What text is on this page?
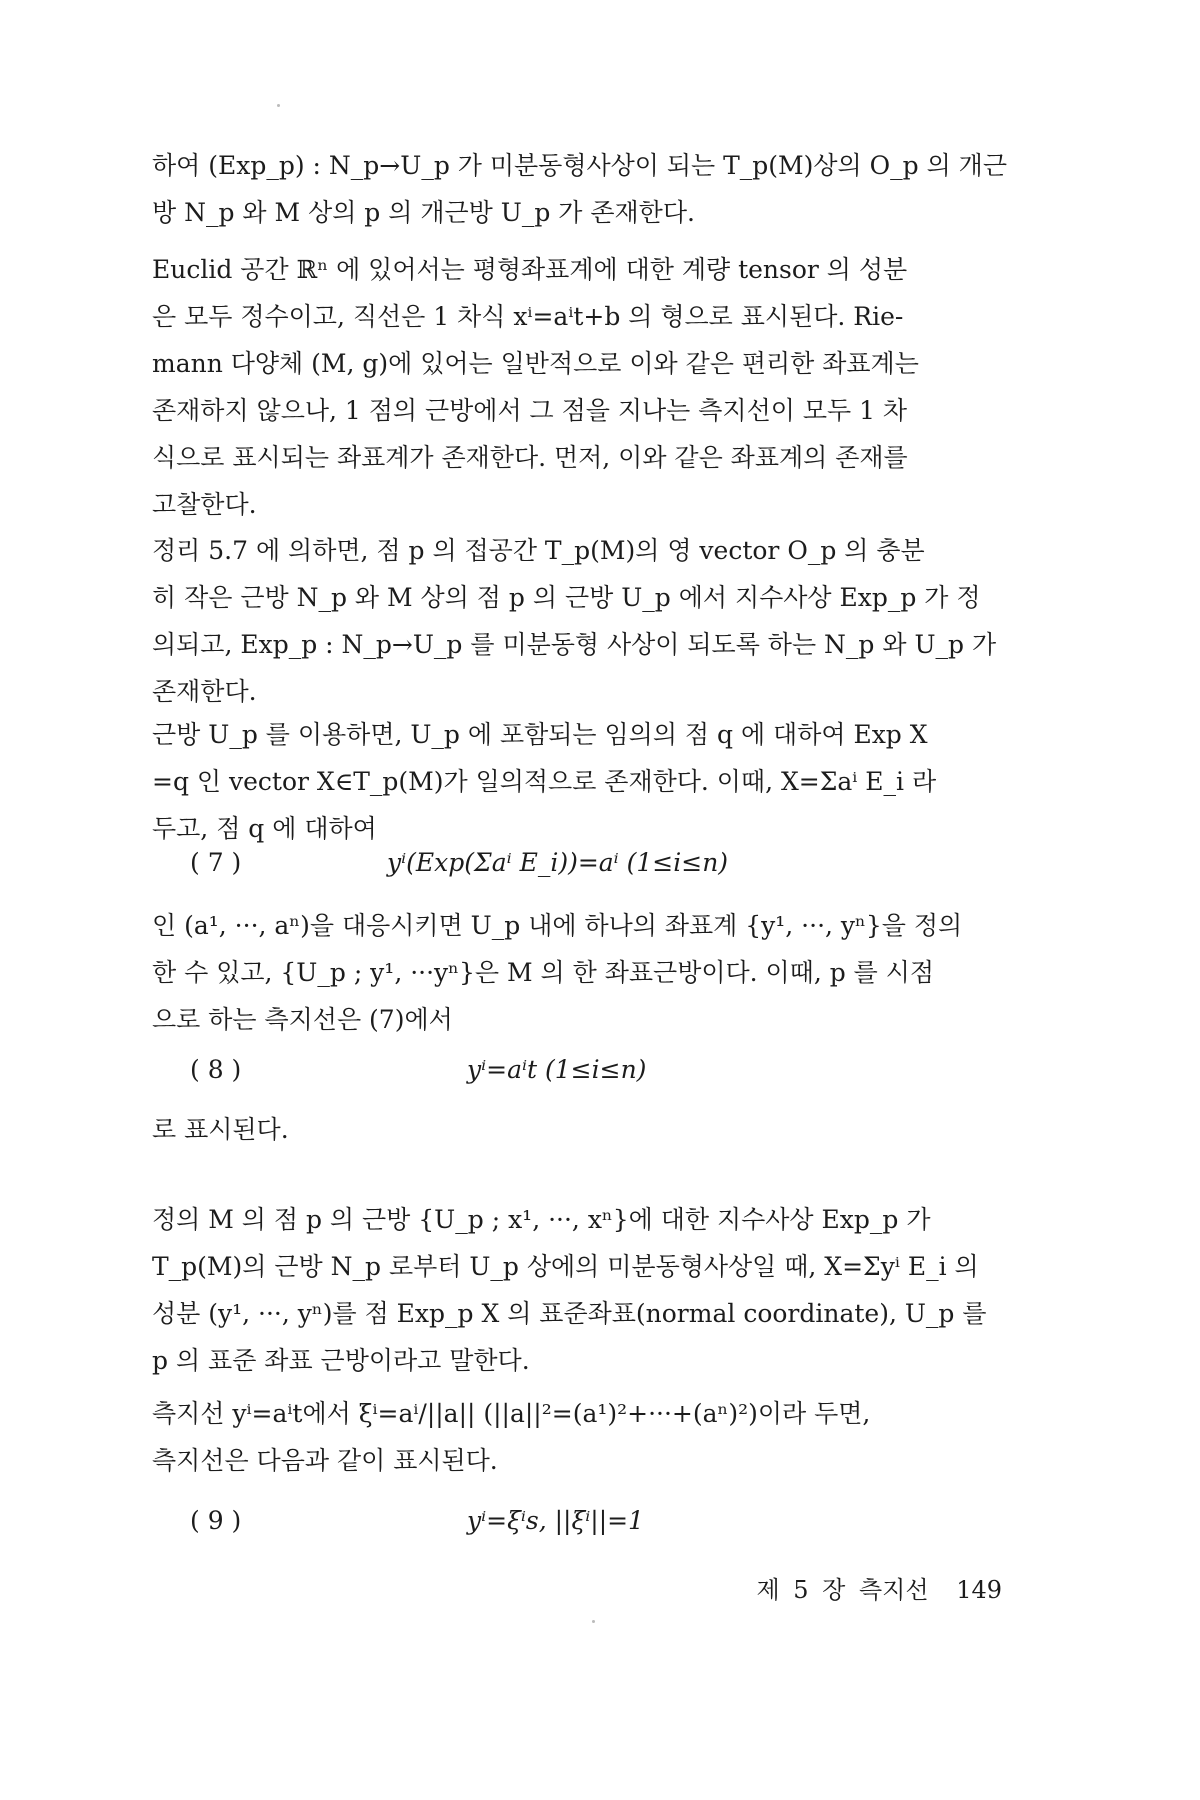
하여 (Exp_p) : N_p→U_p 가 미분동형사상이 되는 T_p(M)상의 O_p 의 개근
방 N_p 와 M 상의 p 의 개근방 U_p 가 존재한다.
Euclid 공간 ℝⁿ 에 있어서는 평형좌표계에 대한 계량 tensor 의 성분
은 모두 정수이고, 직선은 1 차식 xⁱ=aⁱt+b 의 형으로 표시된다. Rie-
mann 다양체 (M, g)에 있어는 일반적으로 이와 같은 편리한 좌표계는
존재하지 않으나, 1 점의 근방에서 그 점을 지나는 측지선이 모두 1 차
식으로 표시되는 좌표계가 존재한다. 먼저, 이와 같은 좌표계의 존재를
고찰한다.
정리 5.7 에 의하면, 점 p 의 접공간 T_p(M)의 영 vector O_p 의 충분
히 작은 근방 N_p 와 M 상의 점 p 의 근방 U_p 에서 지수사상 Exp_p 가 정
의되고, Exp_p : N_p→U_p 를 미분동형 사상이 되도록 하는 N_p 와 U_p 가
존재한다.
근방 U_p 를 이용하면, U_p 에 포함되는 임의의 점 q 에 대하여 Exp X
=q 인 vector X∈T_p(M)가 일의적으로 존재한다. 이때, X=Σaⁱ E_i 라
두고, 점 q 에 대하여
( 7 )	yⁱ(Exp(Σaⁱ E_i))=aⁱ (1≤i≤n)
인 (a¹, ···, aⁿ)을 대응시키면 U_p 내에 하나의 좌표계 {y¹, ···, yⁿ}을 정의
한 수 있고, {U_p ; y¹, ···yⁿ}은 M 의 한 좌표근방이다. 이때, p 를 시점
으로 하는 측지선은 (7)에서
( 8 )	yⁱ=aⁱt (1≤i≤n)
로 표시된다.
정의 M 의 점 p 의 근방 {U_p ; x¹, ···, xⁿ}에 대한 지수사상 Exp_p 가
T_p(M)의 근방 N_p 로부터 U_p 상에의 미분동형사상일 때, X=Σyⁱ E_i 의
성분 (y¹, ···, yⁿ)를 점 Exp_p X 의 표준좌표(normal coordinate), U_p 를
p 의 표준 좌표 근방이라고 말한다.
측지선 yⁱ=aⁱt에서 ξⁱ=aⁱ/||a|| (||a||²=(a¹)²+···+(aⁿ)²)이라 두면,
측지선은 다음과 같이 표시된다.
( 9 )	yⁱ=ξⁱs, ||ξⁱ||=1
제 5 장 측지선 149
